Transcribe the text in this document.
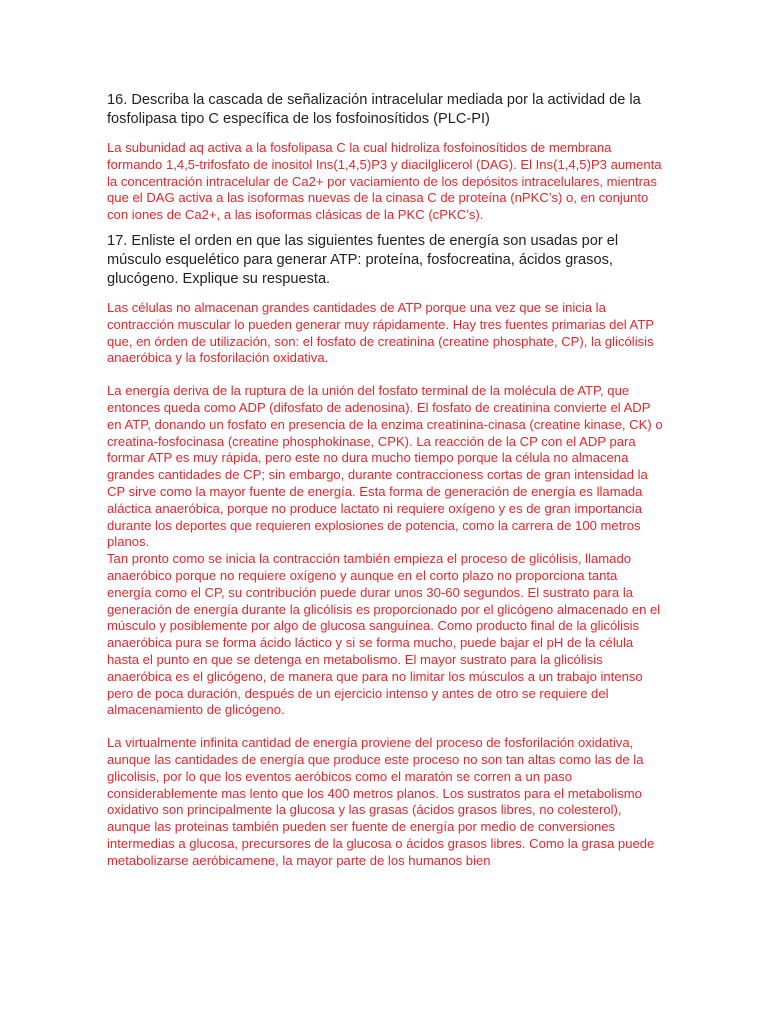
16. Describa la cascada de señalización intracelular mediada por la actividad de la fosfolipasa tipo C específica de los fosfoinosítidos (PLC-PI)

La subunidad aq activa a la fosfolipasa C la cual hidroliza fosfoinosítidos de membrana formando 1,4,5-trifosfato de inositol Ins(1,4,5)P3 y diacilglicerol (DAG). El Ins(1,4,5)P3 aumenta la concentración intracelular de Ca2+ por vaciamiento de los depósitos intracelulares, mientras que el DAG activa a las isoformas nuevas de la cinasa C de proteína (nPKC’s) o, en conjunto con iones de Ca2+, a las isoformas clásicas de la PKC (cPKC’s).

17. Enliste el orden en que las siguientes fuentes de energía son usadas por el músculo esquelético para generar ATP: proteína, fosfocreatina, ácidos grasos, glucógeno. Explique su respuesta.

Las células no almacenan grandes cantidades de ATP porque una vez que se inicia la contracción muscular lo pueden generar muy rápidamente. Hay tres fuentes primarias del ATP que, en órden de utilización, son: el fosfato de creatinina (creatine phosphate, CP), la glicólisis anaeróbica y la fosforilación oxidativa.

La energía deriva de la ruptura de la unión del fosfato terminal de la molécula de ATP, que entonces queda como ADP (difosfato de adenosina). El fosfato de creatinina convierte el ADP en ATP, donando un fosfato en presencia de la enzima creatinina-cinasa (creatine kinase, CK) o creatina-fosfocinasa (creatine phosphokinase, CPK). La reacción de la CP con el ADP para formar ATP es muy rápida, pero este no dura mucho tiempo porque la célula no almacena grandes cantidades de CP; sin embargo, durante contraccioness cortas de gran intensidad la CP sirve como la mayor fuente de energía. Esta forma de generación de energía es llamada aláctica anaeróbica, porque no produce lactato ni requiere oxígeno y es de gran importancia durante los deportes que requieren explosiones de potencia, como la carrera de 100 metros planos.

Tan pronto como se inicia la contracción también empieza el proceso de glicólisis, llamado anaeróbico porque no requiere oxígeno y aunque en el corto plazo no proporciona tanta energía como el CP, su contribución puede durar unos 30-60 segundos. El sustrato para la generación de energía durante la glicólisis es proporcionado por el glicógeno almacenado en el músculo y posiblemente por algo de glucosa sanguínea. Como producto final de la glicólisis anaeróbica pura se forma ácido láctico y si se forma mucho, puede bajar el pH de la célula hasta el punto en que se detenga en metabolismo. El mayor sustrato para la glicólisis anaeróbica es el glicógeno, de manera que para no limitar los músculos a un trabajo intenso pero de poca duración, después de un ejercicio intenso y antes de otro se requiere del almacenamiento de glicógeno.

La virtualmente infinita cantidad de energía proviene del proceso de fosforilación oxidativa, aunque las cantidades de energía que produce este proceso no son tan altas como las de la glicolisis, por lo que los eventos aeróbicos como el maratón se corren a un paso considerablemente mas lento que los 400 metros planos. Los sustratos para el metabolismo oxidativo son principalmente la glucosa y las grasas (ácidos grasos libres, no colesterol), aunque las proteinas también pueden ser fuente de energía por medio de conversiones intermedias a glucosa, precursores de la glucosa o ácidos grasos libres. Como la grasa puede metabolizarse aeróbicamene, la mayor parte de los humanos bien
